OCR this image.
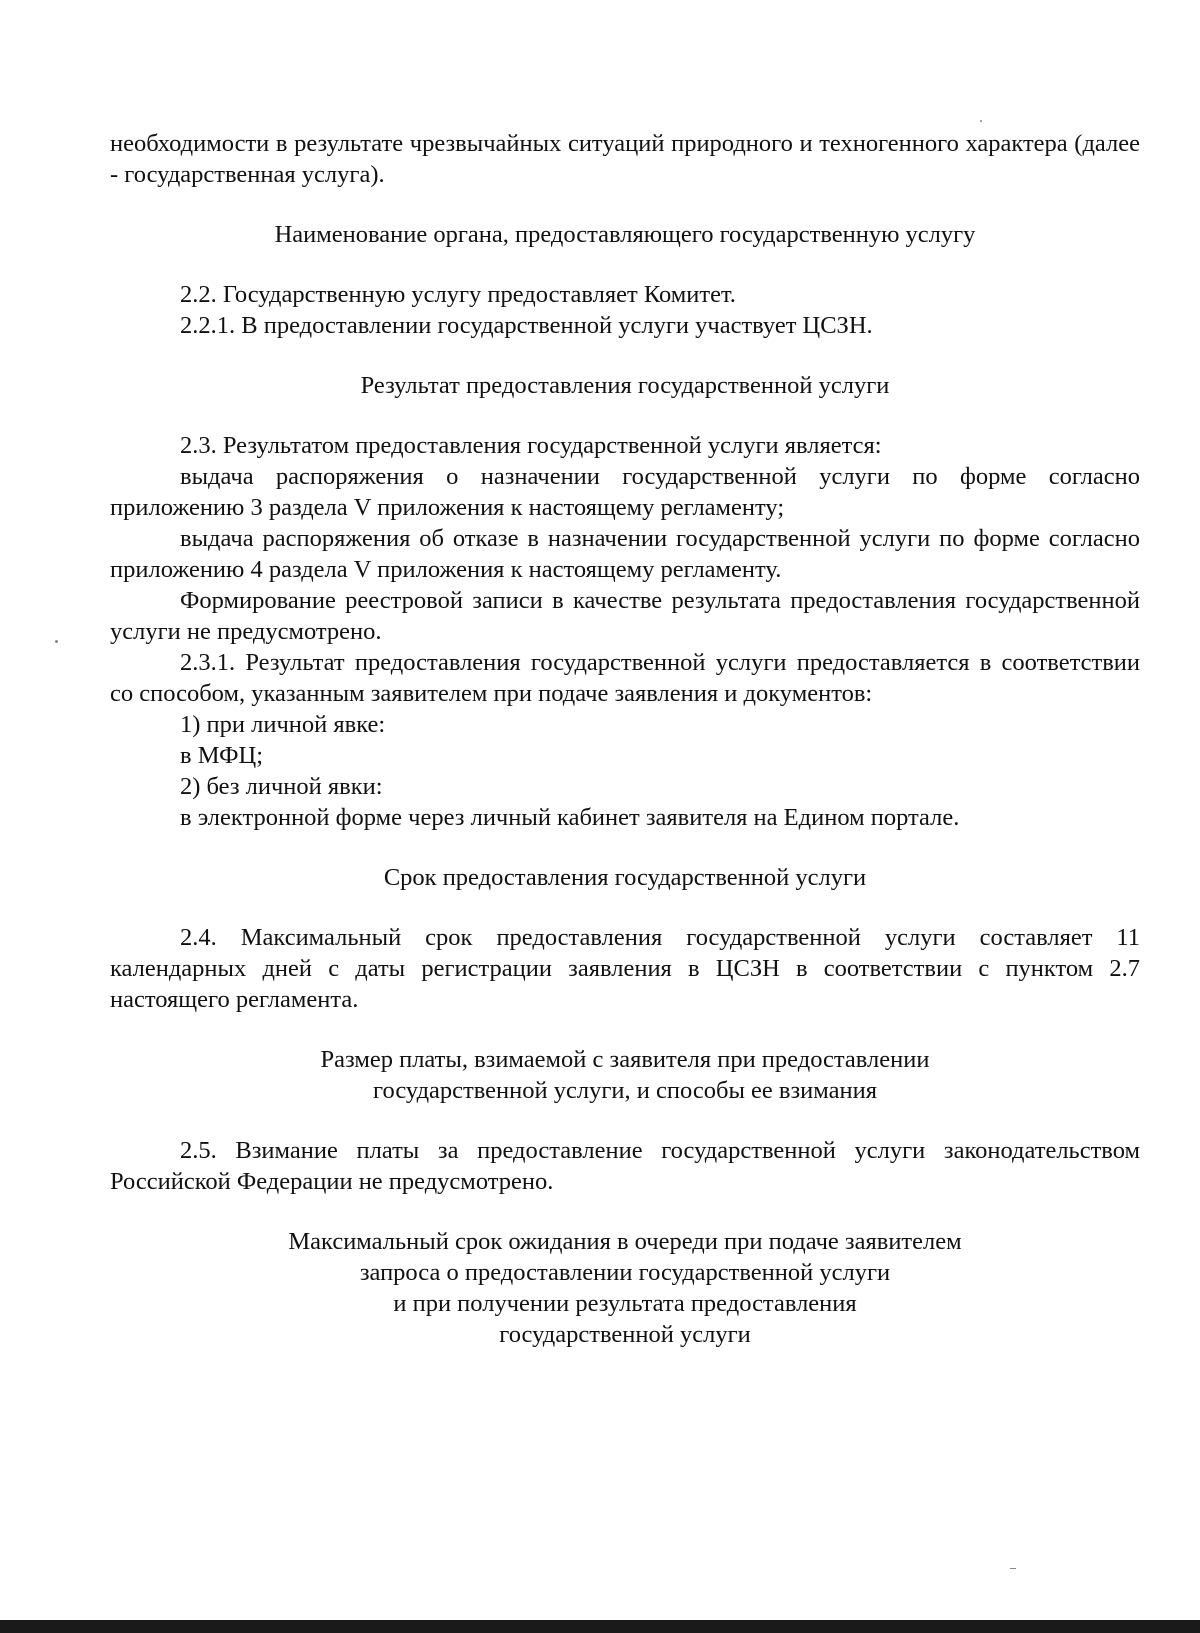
необходимости в результате чрезвычайных ситуаций природного и техногенного характера (далее - государственная услуга).

Наименование органа, предоставляющего государственную услугу

2.2. Государственную услугу предоставляет Комитет.

2.2.1. В предоставлении государственной услуги участвует ЦСЗН.

Результат предоставления государственной услуги

2.3. Результатом предоставления государственной услуги является:

выдача распоряжения о назначении государственной услуги по форме согласно приложению 3 раздела V приложения к настоящему регламенту;

выдача распоряжения об отказе в назначении государственной услуги по форме согласно приложению 4 раздела V приложения к настоящему регламенту.

Формирование реестровой записи в качестве результата предоставления государственной услуги не предусмотрено.

2.3.1. Результат предоставления государственной услуги предоставляется в соответствии со способом, указанным заявителем при подаче заявления и документов:

1) при личной явке:

в МФЦ;

2) без личной явки:

в электронной форме через личный кабинет заявителя на Едином портале.

Срок предоставления государственной услуги

2.4. Максимальный срок предоставления государственной услуги составляет 11 календарных дней с даты регистрации заявления в ЦСЗН в соответствии с пунктом 2.7 настоящего регламента.

Размер платы, взимаемой с заявителя при предоставлении
государственной услуги, и способы ее взимания

2.5. Взимание платы за предоставление государственной услуги законодательством Российской Федерации не предусмотрено.

Максимальный срок ожидания в очереди при подаче заявителем
запроса о предоставлении государственной услуги
и при получении результата предоставления
государственной услуги
